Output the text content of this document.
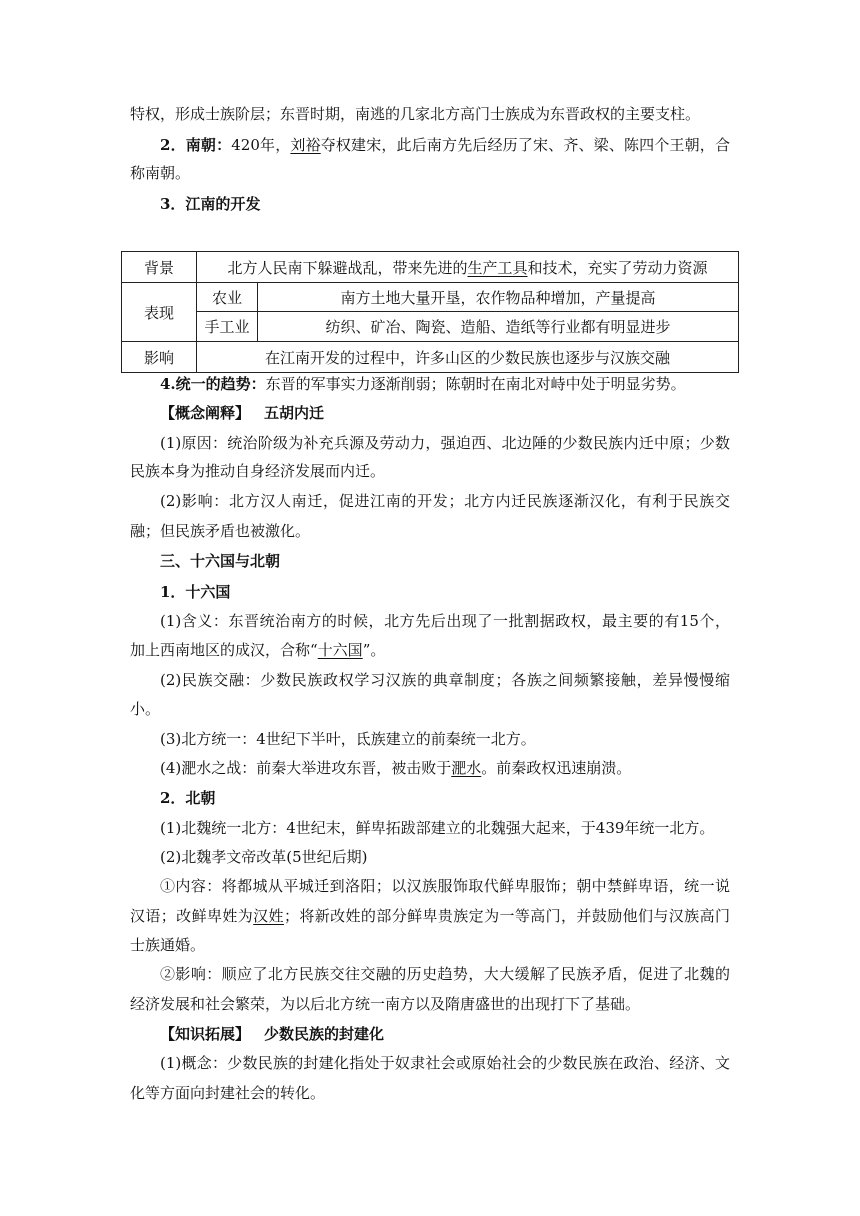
特权，形成士族阶层；东晋时期，南逃的几家北方高门士族成为东晋政权的主要支柱。
2．南朝：420年，刘裕夺权建宋，此后南方先后经历了宋、齐、梁、陈四个王朝，合
称南朝。
3．江南的开发
背景	北方人民南下躲避战乱，带来先进的生产工具和技术，充实了劳动力资源	
表现	农业	南方土地大量开垦，农作物品种增加，产量提高
	手工业	纺织、矿冶、陶瓷、造船、造纸等行业都有明显进步
影响	在江南开发的过程中，许多山区的少数民族也逐步与汉族交融	
4.统一的趋势：东晋的军事实力逐渐削弱；陈朝时在南北对峙中处于明显劣势。
【概念阐释】 五胡内迁
(1)原因：统治阶级为补充兵源及劳动力，强迫西、北边陲的少数民族内迁中原；少数
民族本身为推动自身经济发展而内迁。
(2)影响：北方汉人南迁，促进江南的开发；北方内迁民族逐渐汉化，有利于民族交
融；但民族矛盾也被激化。
三、十六国与北朝
1．十六国
(1)含义：东晋统治南方的时候，北方先后出现了一批割据政权，最主要的有15个，
加上西南地区的成汉，合称“十六国”。
(2)民族交融：少数民族政权学习汉族的典章制度；各族之间频繁接触，差异慢慢缩
小。
(3)北方统一：4世纪下半叶，氐族建立的前秦统一北方。
(4)淝水之战：前秦大举进攻东晋，被击败于淝水。前秦政权迅速崩溃。
2．北朝
(1)北魏统一北方：4世纪末，鲜卑拓跋部建立的北魏强大起来，于439年统一北方。
(2)北魏孝文帝改革(5世纪后期)
①内容：将都城从平城迁到洛阳；以汉族服饰取代鲜卑服饰；朝中禁鲜卑语，统一说
汉语；改鲜卑姓为汉姓；将新改姓的部分鲜卑贵族定为一等高门，并鼓励他们与汉族高门
士族通婚。
②影响：顺应了北方民族交往交融的历史趋势，大大缓解了民族矛盾，促进了北魏的
经济发展和社会繁荣，为以后北方统一南方以及隋唐盛世的出现打下了基础。
【知识拓展】 少数民族的封建化
(1)概念：少数民族的封建化指处于奴隶社会或原始社会的少数民族在政治、经济、文
化等方面向封建社会的转化。
